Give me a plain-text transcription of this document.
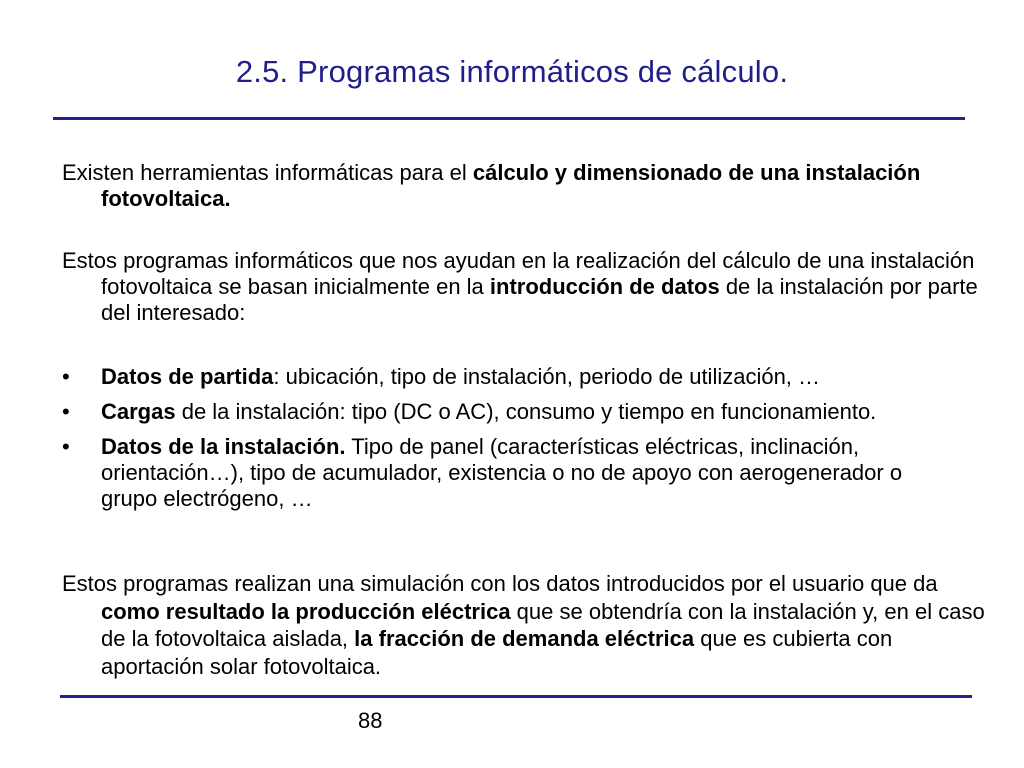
2.5. Programas informáticos de cálculo.
Existen herramientas informáticas para el cálculo y dimensionado de una instalación fotovoltaica.
Estos programas informáticos que nos ayudan en la realización del cálculo de una instalación fotovoltaica se basan inicialmente en la introducción de datos de la instalación por parte del interesado:
•	Datos de partida: ubicación, tipo de instalación, periodo de utilización, …
•	Cargas de la instalación: tipo (DC o AC), consumo y tiempo en funcionamiento.
•	Datos de la instalación. Tipo de panel (características eléctricas, inclinación, orientación…), tipo de acumulador, existencia o no de apoyo con aerogenerador o grupo electrógeno, …
Estos programas realizan una simulación con los datos introducidos por el usuario que da como resultado la producción eléctrica que se obtendría con la instalación y, en el caso de la fotovoltaica aislada, la fracción de demanda eléctrica que es cubierta con aportación solar fotovoltaica.
88
